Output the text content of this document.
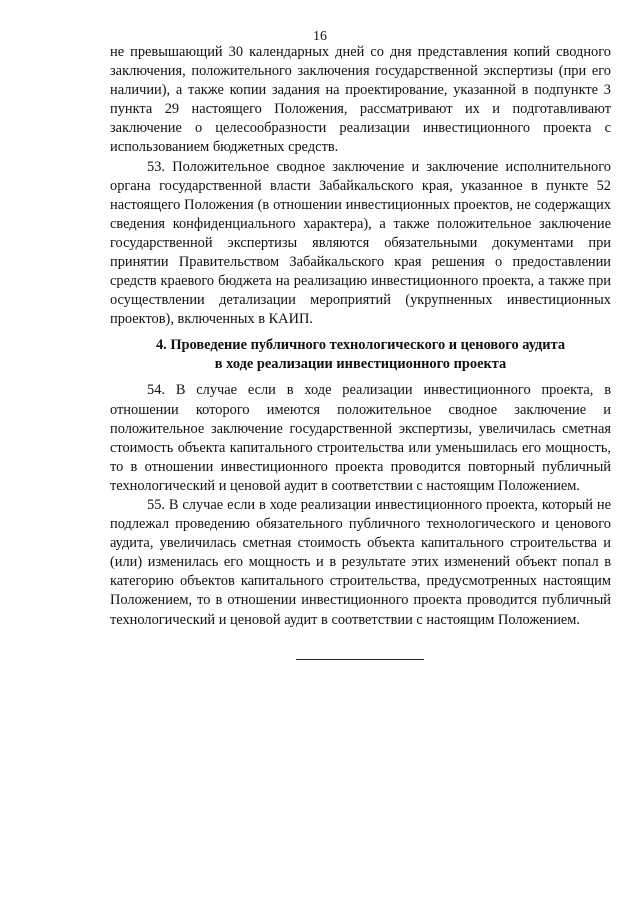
16

не превышающий 30 календарных дней со дня представления копий сводного заключения, положительного заключения государственной экспертизы (при его наличии), а также копии задания на проектирование, указанной в подпункте 3 пункта 29 настоящего Положения, рассматривают их и подготавливают заключение о целесообразности реализации инвестиционного проекта с использованием бюджетных средств.

53. Положительное сводное заключение и заключение исполнительного органа государственной власти Забайкальского края, указанное в пункте 52 настоящего Положения (в отношении инвестиционных проектов, не содержащих сведения конфиденциального характера), а также положительное заключение государственной экспертизы являются обязательными документами при принятии Правительством Забайкальского края решения о предоставлении средств краевого бюджета на реализацию инвестиционного проекта, а также при осуществлении детализации мероприятий (укрупненных инвестиционных проектов), включенных в КАИП.

4. Проведение публичного технологического и ценового аудита
в ходе реализации инвестиционного проекта

54. В случае если в ходе реализации инвестиционного проекта, в отношении которого имеются положительное сводное заключение и положительное заключение государственной экспертизы, увеличилась сметная стоимость объекта капитального строительства или уменьшилась его мощность, то в отношении инвестиционного проекта проводится повторный публичный технологический и ценовой аудит в соответствии с настоящим Положением.

55. В случае если в ходе реализации инвестиционного проекта, который не подлежал проведению обязательного публичного технологического и ценового аудита, увеличилась сметная стоимость объекта капитального строительства и (или) изменилась его мощность и в результате этих изменений объект попал в категорию объектов капитального строительства, предусмотренных настоящим Положением, то в отношении инвестиционного проекта проводится публичный технологический и ценовой аудит в соответствии с настоящим Положением.
